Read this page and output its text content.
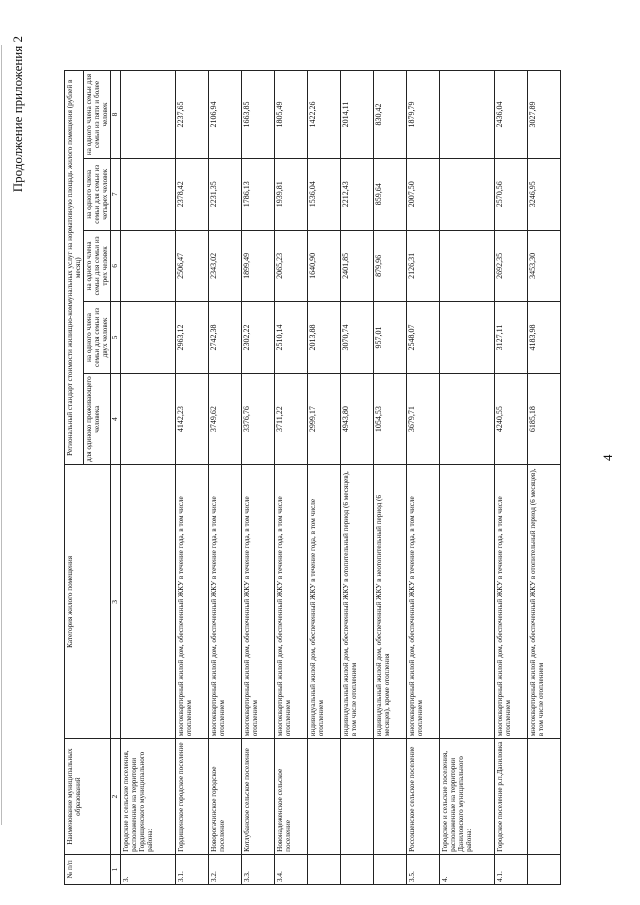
Продолжение приложения 2
4
№ п/п	Наименование муниципальных образований	Категория жилого помещения	Региональный стандарт стоимости жилищно-коммунальных услуг на нормативную площадь жилого помещения (рублей в месяц)				
			для одиноко проживающего человека	на одного члена семьи для семьи из двух человек	на одного члена семьи для семьи из трех человек	на одного члена семьи для семьи из четырех человек	на одного члена семьи для семьи из пяти и более человек
1	2	3	4	5	6	7	8
3.	Городские и сельские поселения, расположенные на территории Гордищенского муниципального района:						
3.1.	Гордищенское городское поселение	многоквартирный жилой дом, обеспеченный ЖКУ в течение года, в том числе отоплением	4142,23	2963,12	2506,47	2378,42	2237,65
3.2.	Новорогачинское городское поселение	многоквартирный жилой дом, обеспеченный ЖКУ в течение года, в том числе отоплением	3749,62	2742,38	2343,02	2231,35	2106,94
3.3.	Котлубанское сельское поселение	многоквартирный жилой дом, обеспеченный ЖКУ в течение года, в том числе отоплением	3376,76	2302,22	1899,49	1786,13	1663,85
3.4.	Новонадеженское сельское поселение	многоквартирный жилой дом, обеспеченный ЖКУ в течение года, в том числе отоплением	3711,22	2510,14	2065,23	1939,81	1805,49
		индивидуальный жилой дом, обеспеченный ЖКУ в течение года, в том числе отоплением	2999,17	2013,88	1640,90	1536,04	1422,26
		индивидуальный жилой дом, обеспеченный ЖКУ в отопительный период (6 месяцев), в том числе отоплением	4943,80	3070,74	2401,85	2212,43	2014,11
		индивидуальный жилой дом, обеспеченный ЖКУ в неотопительный период (6 месяцев), кроме отопления	1054,53	957,01	879,96	859,64	830,42
3.5.	Россошенское сельское поселение	многоквартирный жилой дом, обеспеченный ЖКУ в течение года, в том числе отоплением	3679,71	2548,07	2126,31	2007,50	1879,79
4.	Городское и сельские поселения, расположенные на территории Даниловского муниципального района:						
4.1.	Городское поселение р.п.Даниловка	многоквартирный жилой дом, обеспеченный ЖКУ в течение года, в том числе отоплением	4240,55	3127,11	2692,35	2570,56	2436,04
		многоквартирный жилой дом, обеспеченный ЖКУ в отопительный период (6 месяцев), в том числе отоплением	6185,18	4183,98	3453,30	3246,95	3027,89
